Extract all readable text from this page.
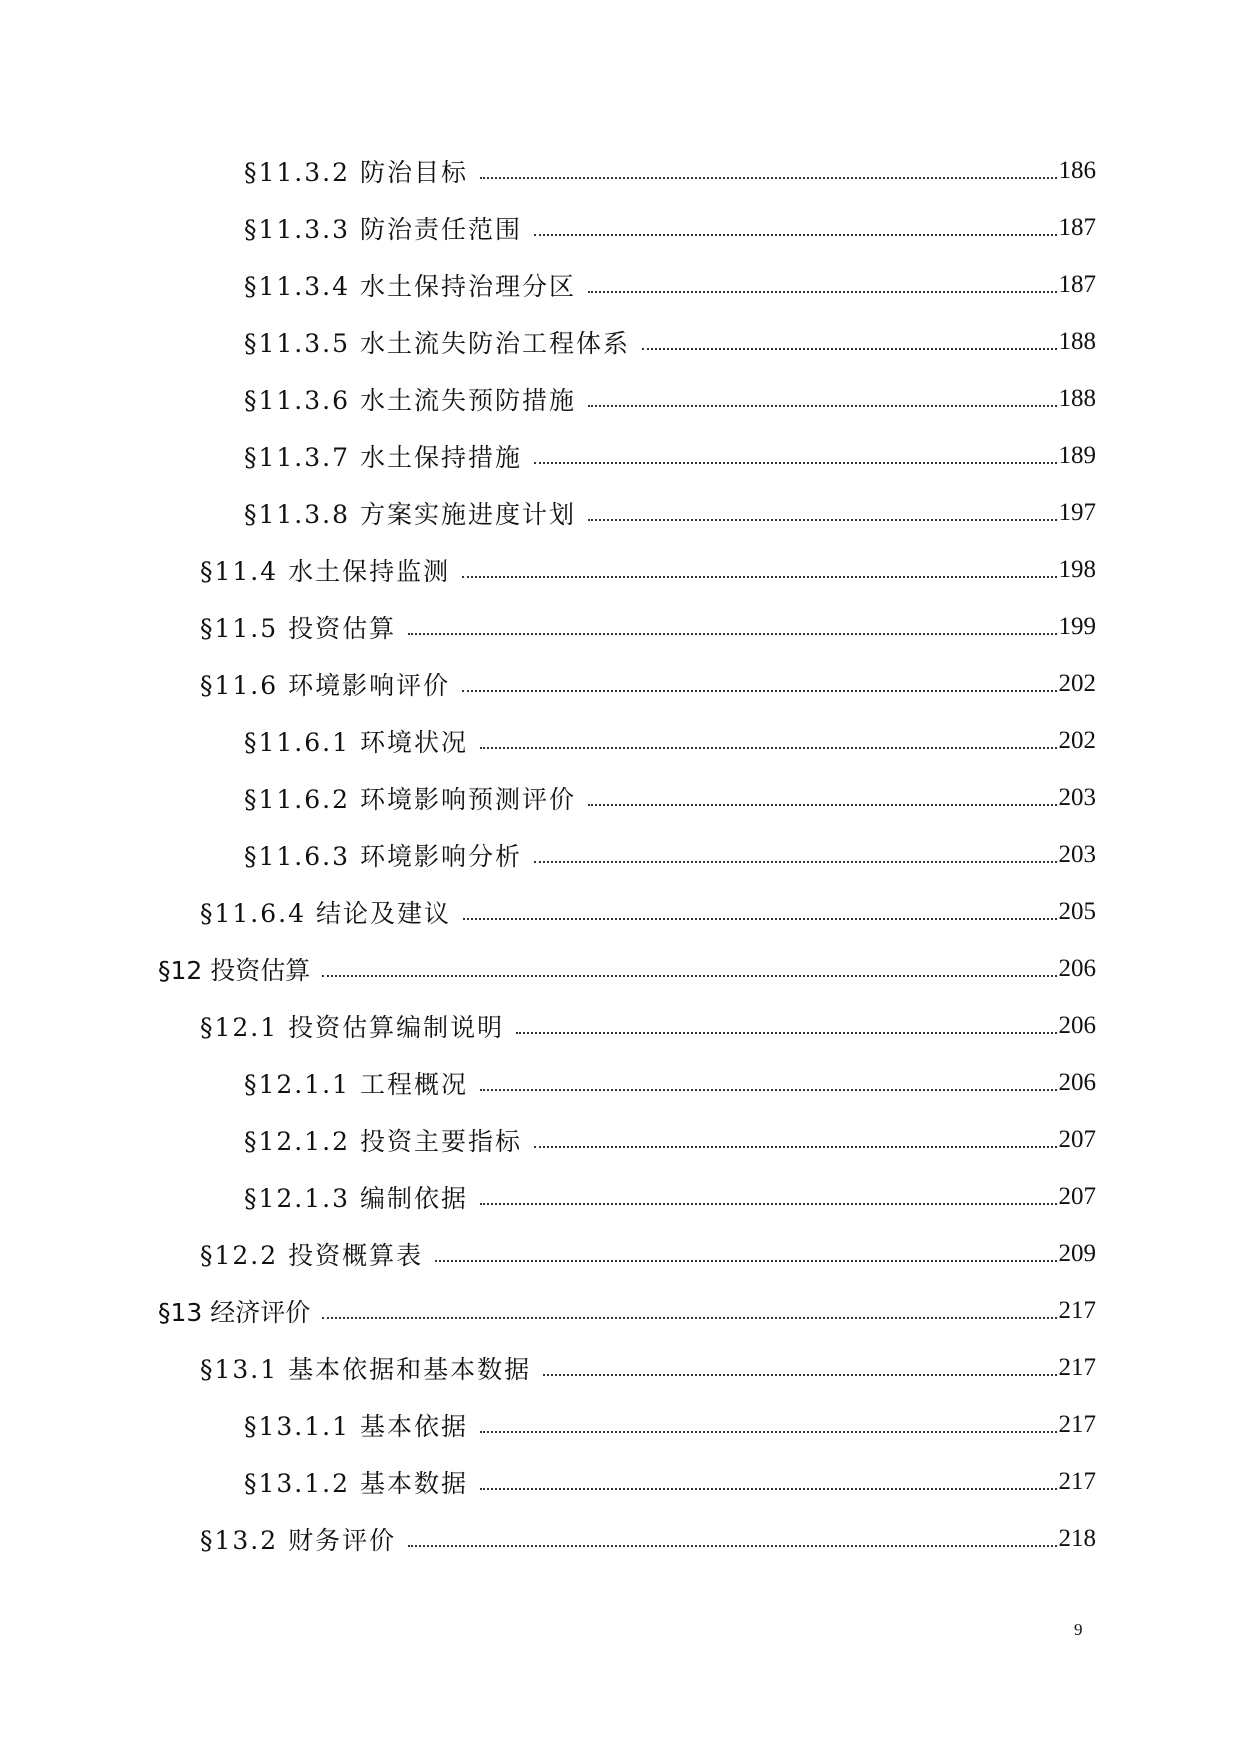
§11.3.2 防治目标	186
§11.3.3 防治责任范围	187
§11.3.4 水土保持治理分区	187
§11.3.5 水土流失防治工程体系	188
§11.3.6 水土流失预防措施	188
§11.3.7 水土保持措施	189
§11.3.8 方案实施进度计划	197
§11.4 水土保持监测	198
§11.5 投资估算	199
§11.6 环境影响评价	202
§11.6.1 环境状况	202
§11.6.2 环境影响预测评价	203
§11.6.3 环境影响分析	203
§11.6.4 结论及建议	205
§12 投资估算	206
§12.1 投资估算编制说明	206
§12.1.1 工程概况	206
§12.1.2 投资主要指标	207
§12.1.3 编制依据	207
§12.2 投资概算表	209
§13 经济评价	217
§13.1 基本依据和基本数据	217
§13.1.1 基本依据	217
§13.1.2 基本数据	217
§13.2 财务评价	218
9
